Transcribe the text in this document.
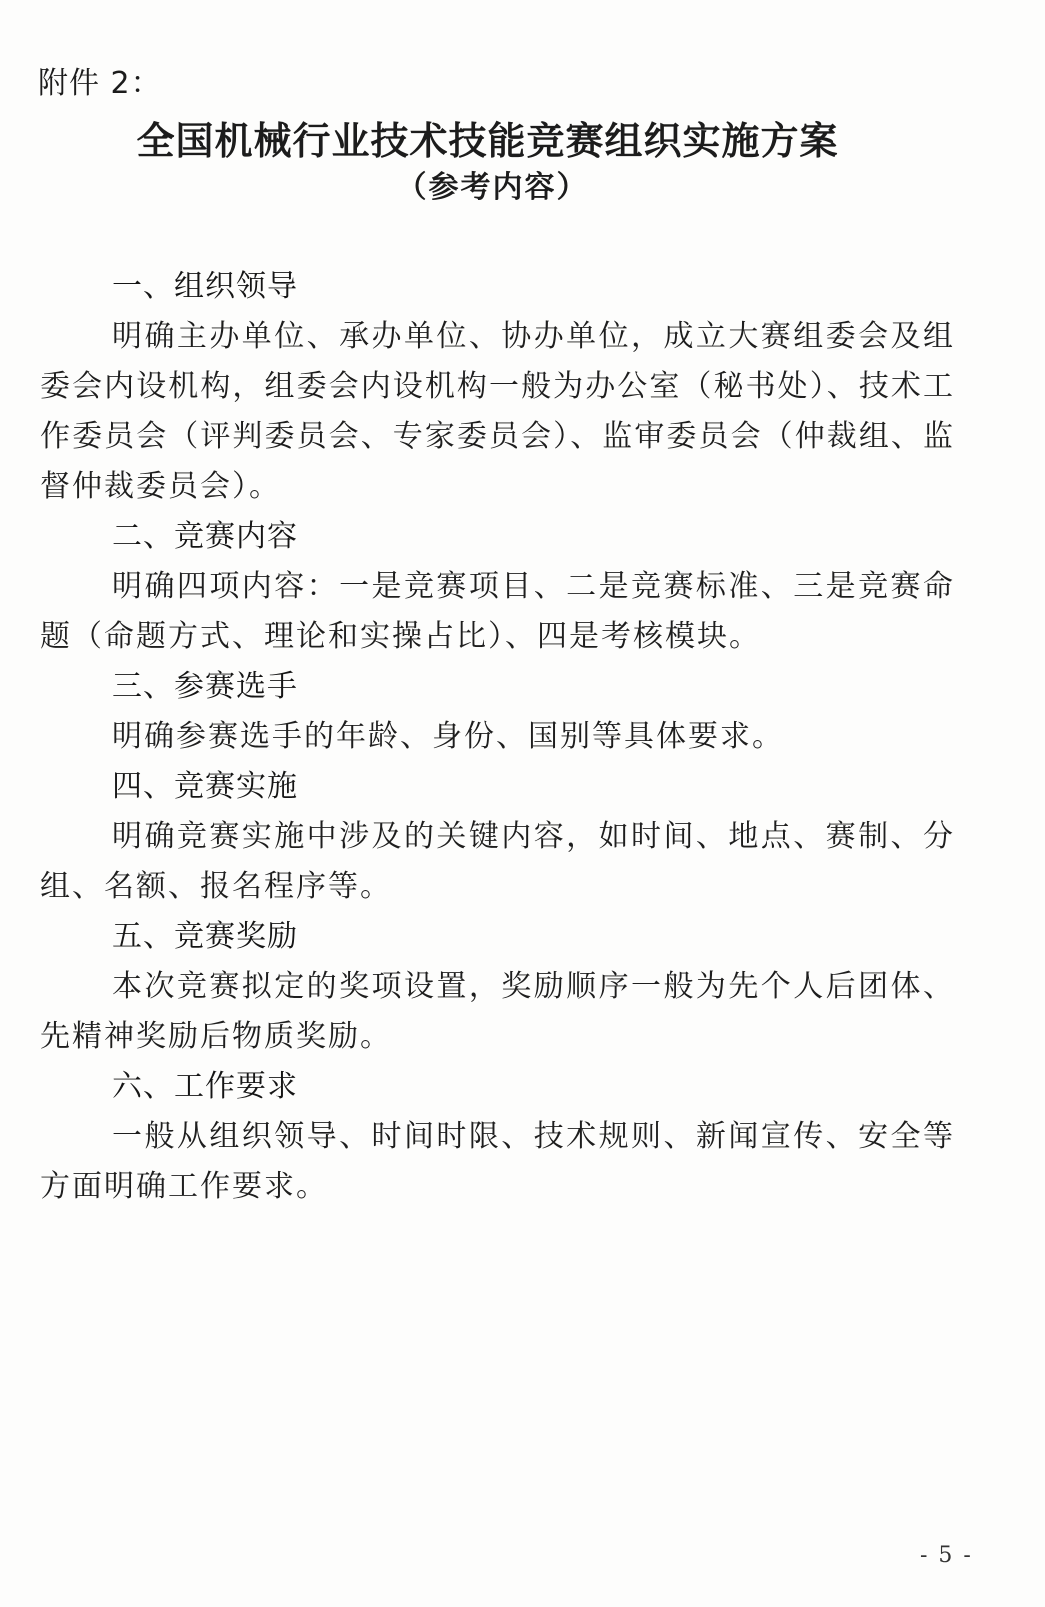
附件 2：
全国机械行业技术技能竞赛组织实施方案
（参考内容）
一、组织领导

明确主办单位、承办单位、协办单位，成立大赛组委会及组委会内设机构，组委会内设机构一般为办公室（秘书处）、技术工作委员会（评判委员会、专家委员会）、监审委员会（仲裁组、监督仲裁委员会）。

二、竞赛内容

明确四项内容：一是竞赛项目、二是竞赛标准、三是竞赛命题（命题方式、理论和实操占比）、四是考核模块。

三、参赛选手

明确参赛选手的年龄、身份、国别等具体要求。

四、竞赛实施

明确竞赛实施中涉及的关键内容，如时间、地点、赛制、分组、名额、报名程序等。

五、竞赛奖励

本次竞赛拟定的奖项设置，奖励顺序一般为先个人后团体、先精神奖励后物质奖励。

六、工作要求

一般从组织领导、时间时限、技术规则、新闻宣传、安全等方面明确工作要求。

- 5 -
